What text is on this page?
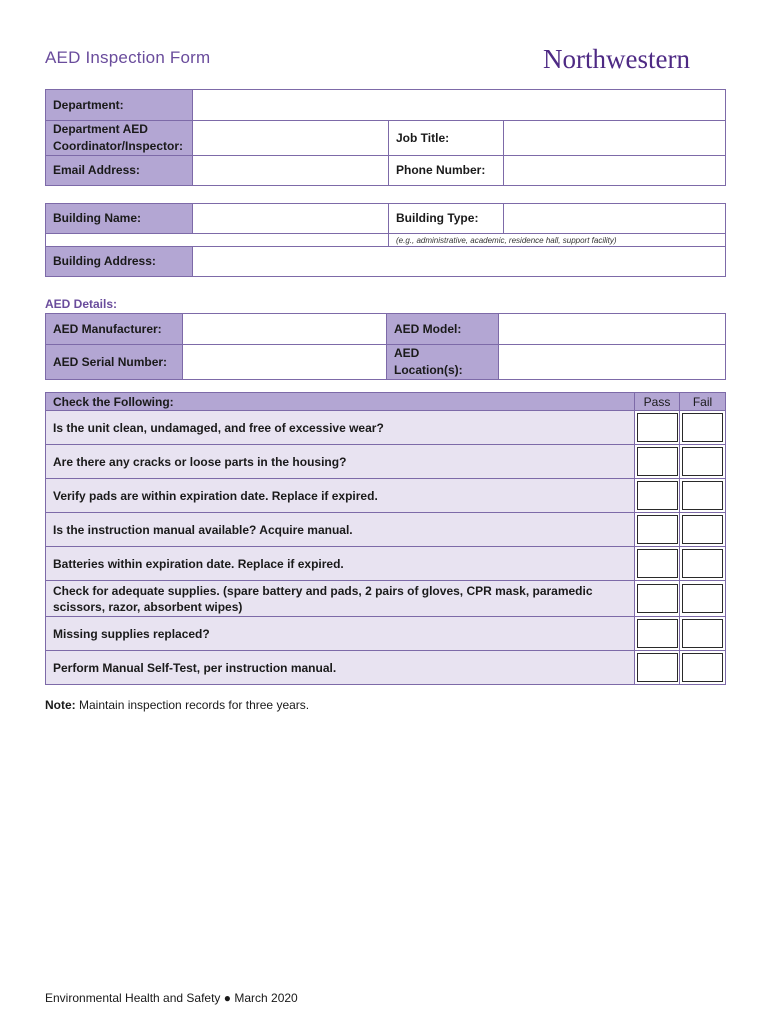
AED Inspection Form	Northwestern
Department:			
Department AED Coordinator/Inspector:		Job Title:	
Email Address:		Phone Number:	
Building Name:		Building Type:	
		(e.g., administrative, academic, residence hall, support facility)	
Building Address:			
AED Details:
AED Manufacturer:		AED Model:	
AED Serial Number:		AED Location(s):	
Check the Following:	Pass	Fail
Is the unit clean, undamaged, and free of excessive wear?	

Are there any cracks or loose parts in the housing?	

Verify pads are within expiration date. Replace if expired.	

Is the instruction manual available? Acquire manual.	

Batteries within expiration date. Replace if expired.	

Check for adequate supplies. (spare battery and pads, 2 pairs of gloves, CPR mask, paramedic scissors, razor, absorbent wipes)	

Missing supplies replaced?	

Perform Manual Self-Test, per instruction manual.	

Note: Maintain inspection records for three years.
Environmental Health and Safety ● March 2020
